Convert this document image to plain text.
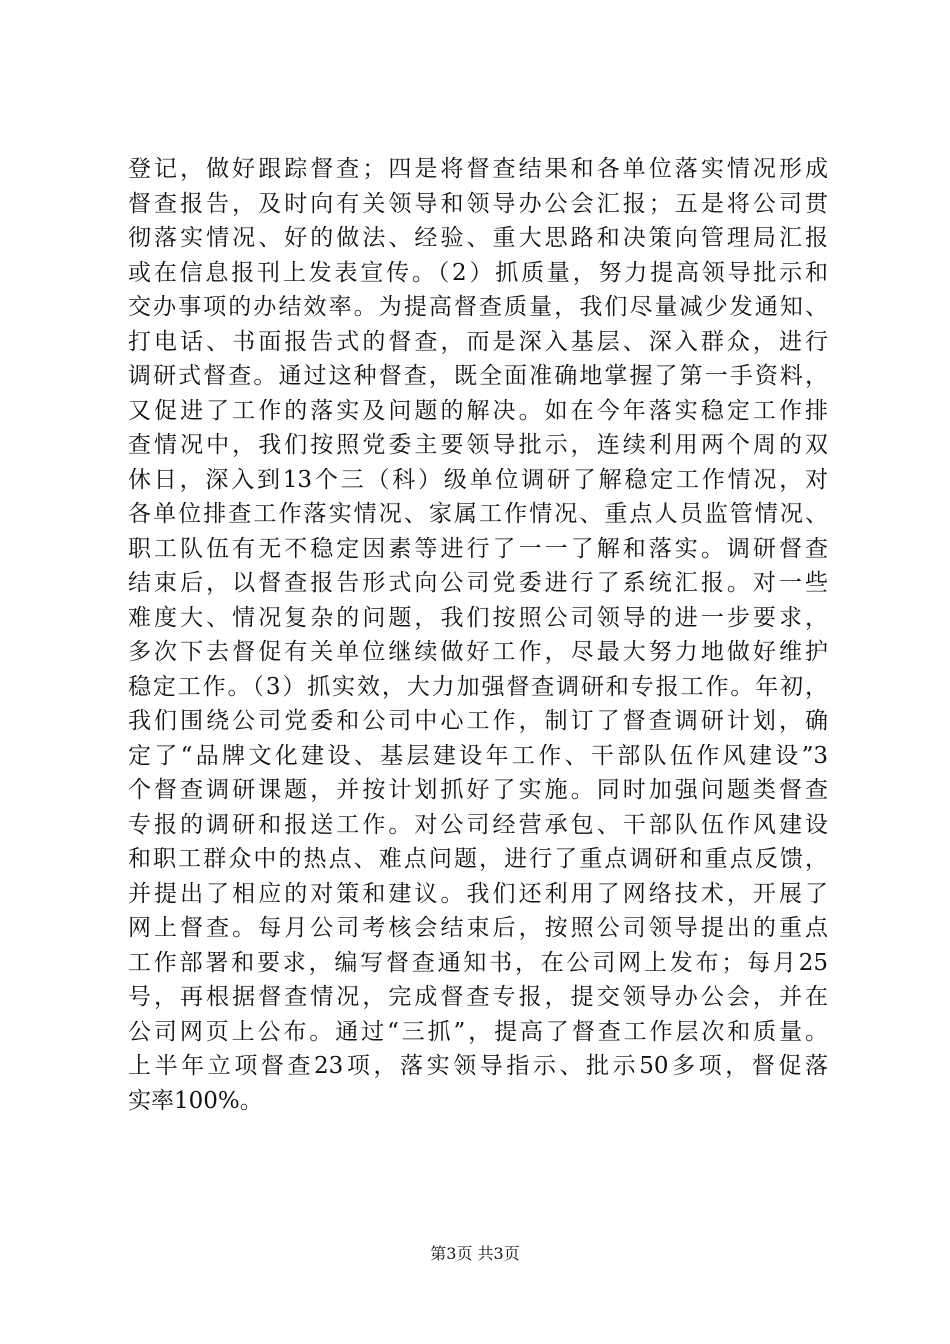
登记，做好跟踪督查；四是将督查结果和各单位落实情况形成
督查报告，及时向有关领导和领导办公会汇报；五是将公司贯
彻落实情况、好的做法、经验、重大思路和决策向管理局汇报
或在信息报刊上发表宣传。（2）抓质量，努力提高领导批示和
交办事项的办结效率。为提高督查质量，我们尽量减少发通知、
打电话、书面报告式的督查，而是深入基层、深入群众，进行
调研式督查。通过这种督查，既全面准确地掌握了第一手资料，
又促进了工作的落实及问题的解决。如在今年落实稳定工作排
查情况中，我们按照党委主要领导批示，连续利用两个周的双
休日，深入到13个三（科）级单位调研了解稳定工作情况，对
各单位排查工作落实情况、家属工作情况、重点人员监管情况、
职工队伍有无不稳定因素等进行了一一了解和落实。调研督查
结束后，以督查报告形式向公司党委进行了系统汇报。对一些
难度大、情况复杂的问题，我们按照公司领导的进一步要求，
多次下去督促有关单位继续做好工作，尽最大努力地做好维护
稳定工作。（3）抓实效，大力加强督查调研和专报工作。年初，
我们围绕公司党委和公司中心工作，制订了督查调研计划，确
定了“品牌文化建设、基层建设年工作、干部队伍作风建设”3
个督查调研课题，并按计划抓好了实施。同时加强问题类督查
专报的调研和报送工作。对公司经营承包、干部队伍作风建设
和职工群众中的热点、难点问题，进行了重点调研和重点反馈，
并提出了相应的对策和建议。我们还利用了网络技术，开展了
网上督查。每月公司考核会结束后，按照公司领导提出的重点
工作部署和要求，编写督查通知书，在公司网上发布；每月25
号，再根据督查情况，完成督查专报，提交领导办公会，并在
公司网页上公布。通过“三抓”，提高了督查工作层次和质量。
上半年立项督查23项，落实领导指示、批示50多项，督促落
实率100%。
第3页 共3页
